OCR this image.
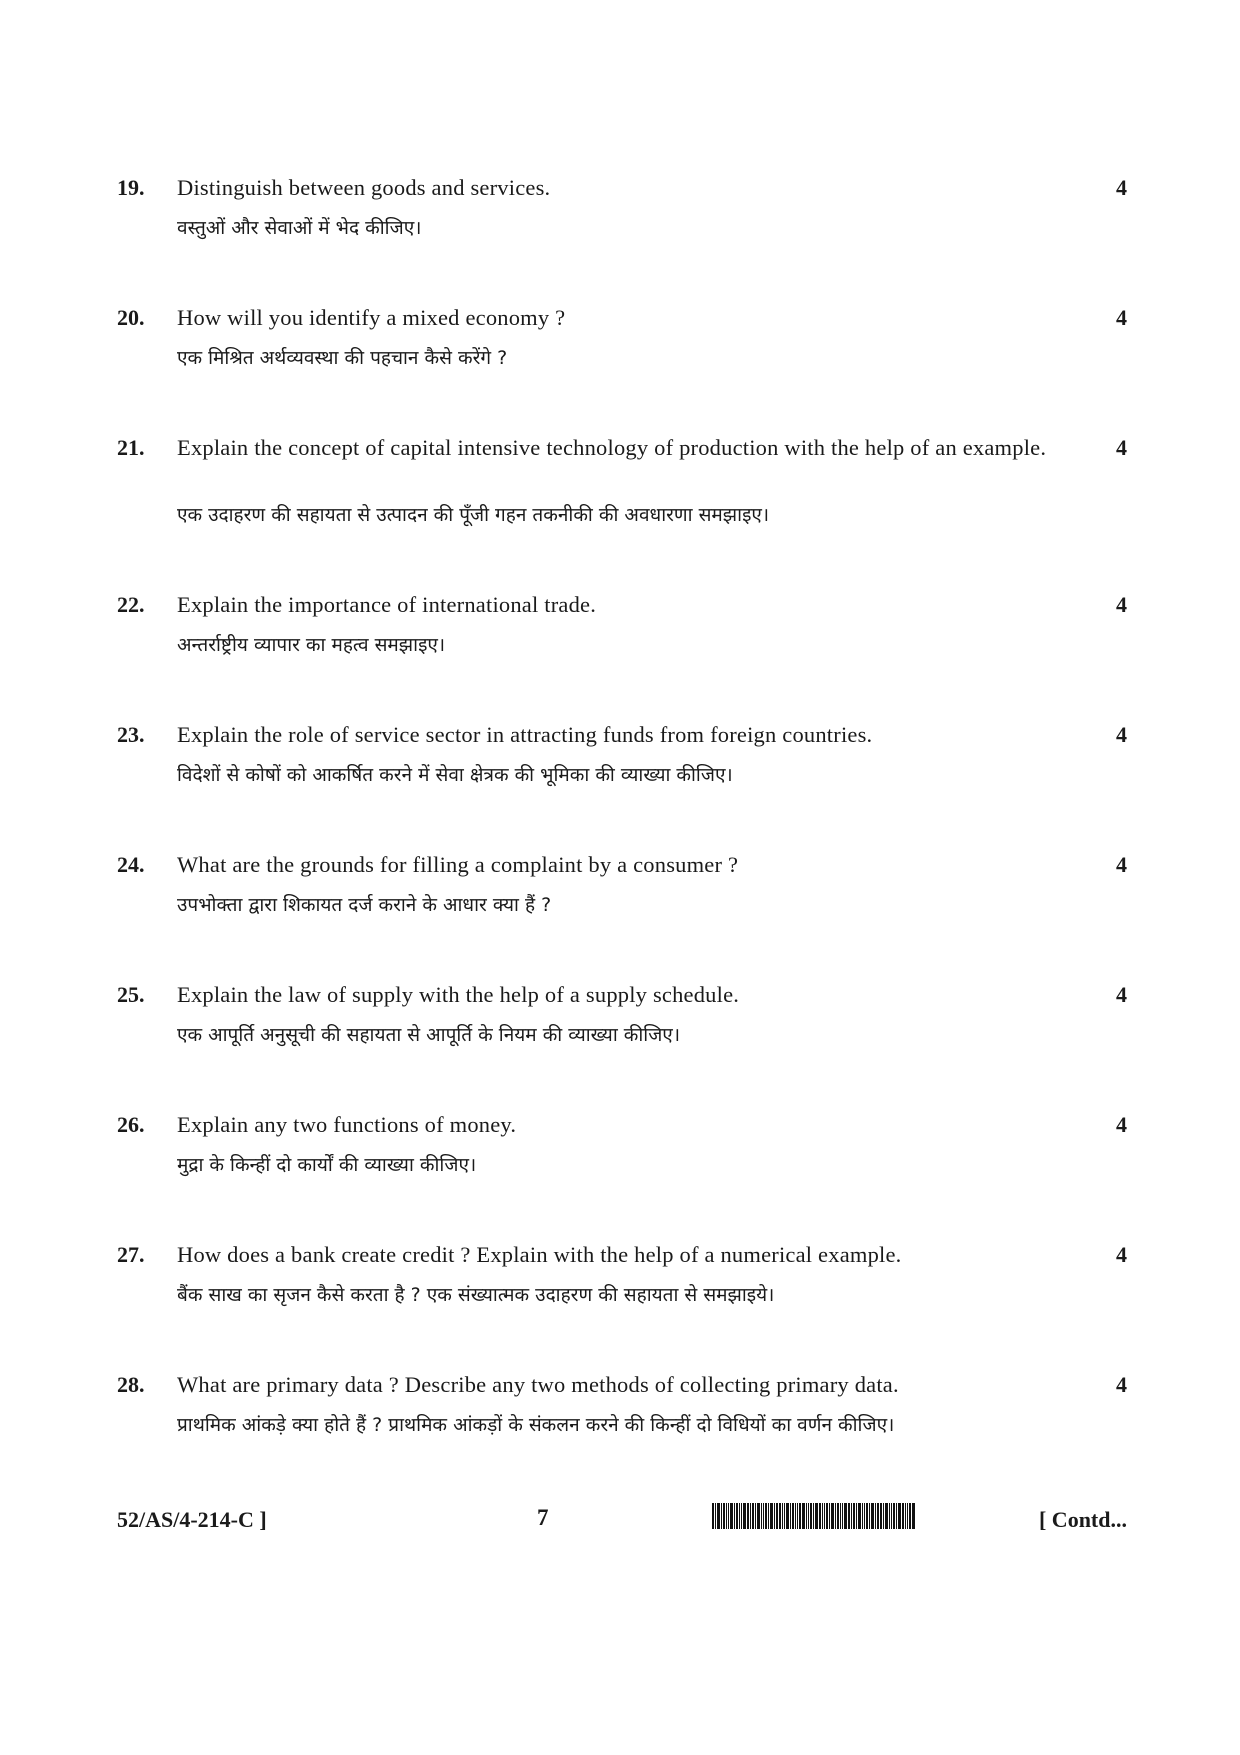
19. Distinguish between goods and services.
वस्तुओं और सेवाओं में भेद कीजिए।
4
20. How will you identify a mixed economy ?
एक मिश्रित अर्थव्यवस्था की पहचान कैसे करेंगे ?
4
21. Explain the concept of capital intensive technology of production with the help of an example.
एक उदाहरण की सहायता से उत्पादन की पूँजी गहन तकनीकी की अवधारणा समझाइए।
4
22. Explain the importance of international trade.
अन्तर्राष्ट्रीय व्यापार का महत्व समझाइए।
4
23. Explain the role of service sector in attracting funds from foreign countries.
विदेशों से कोषों को आकर्षित करने में सेवा क्षेत्रक की भूमिका की व्याख्या कीजिए।
4
24. What are the grounds for filling a complaint by a consumer ?
उपभोक्ता द्वारा शिकायत दर्ज कराने के आधार क्या हैं ?
4
25. Explain the law of supply with the help of a supply schedule.
एक आपूर्ति अनुसूची की सहायता से आपूर्ति के नियम की व्याख्या कीजिए।
4
26. Explain any two functions of money.
मुद्रा के किन्हीं दो कार्यों की व्याख्या कीजिए।
4
27. How does a bank create credit ? Explain with the help of a numerical example.
बैंक साख का सृजन कैसे करता है ? एक संख्यात्मक उदाहरण की सहायता से समझाइये।
4
28. What are primary data ? Describe any two methods of collecting primary data.
प्राथमिक आंकड़े क्या होते हैं ? प्राथमिक आंकड़ों के संकलन करने की किन्हीं दो विधियों का वर्णन कीजिए।
4
52/AS/4-214-C ]	7	[ Contd...
